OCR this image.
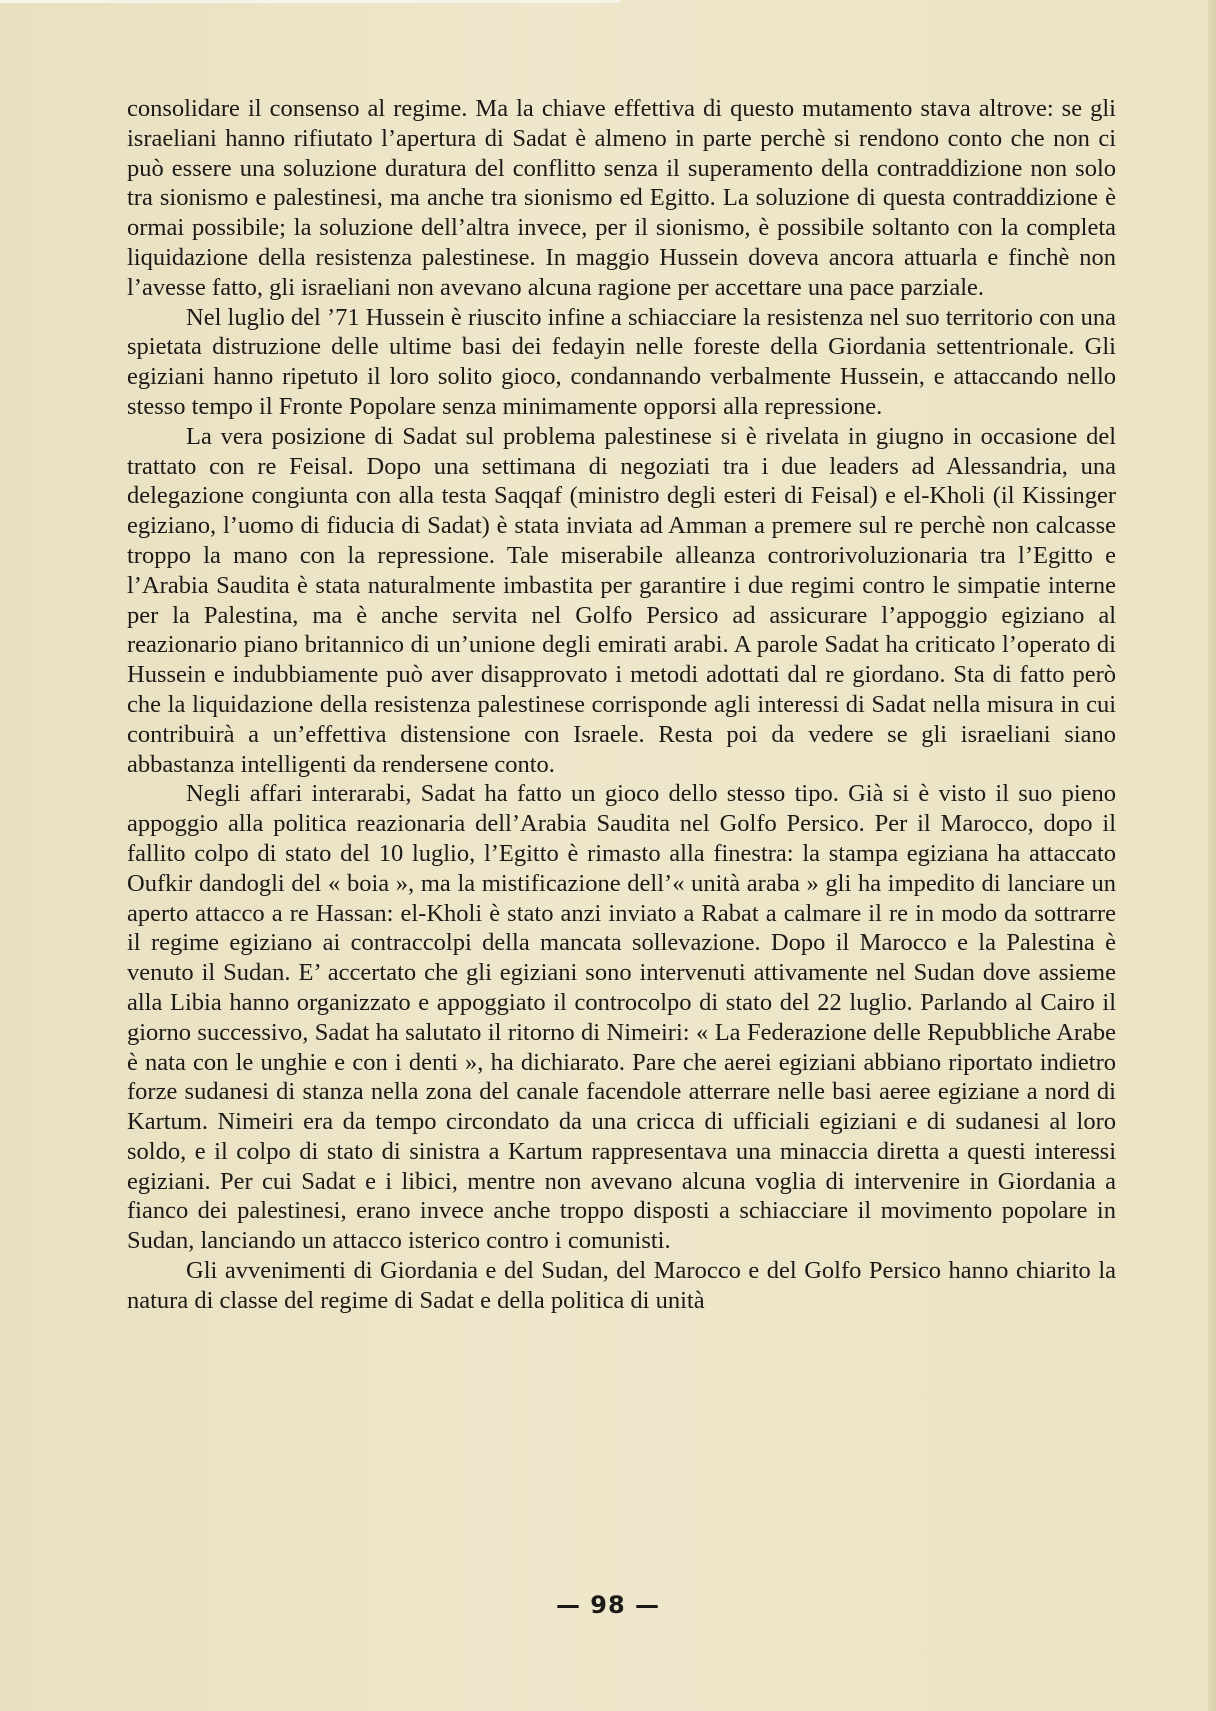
consolidare il consenso al regime. Ma la chiave effettiva di questo mutamento stava altrove: se gli israeliani hanno rifiutato l’apertura di Sadat è almeno in parte perchè si rendono conto che non ci può essere una soluzione duratura del conflitto senza il superamento della contraddizione non solo tra sionismo e palestinesi, ma anche tra sionismo ed Egitto. La soluzione di questa contraddizione è ormai possibile; la soluzione dell’altra invece, per il sionismo, è possibile soltanto con la completa liquidazione della resistenza palestinese. In maggio Hussein doveva ancora attuarla e finchè non l’avesse fatto, gli israeliani non avevano alcuna ragione per accettare una pace parziale.

Nel luglio del ’71 Hussein è riuscito infine a schiacciare la resistenza nel suo territorio con una spietata distruzione delle ultime basi dei fedayin nelle foreste della Giordania settentrionale. Gli egiziani hanno ripetuto il loro solito gioco, condannando verbalmente Hussein, e attaccando nello stesso tempo il Fronte Popolare senza minimamente opporsi alla repressione.

La vera posizione di Sadat sul problema palestinese si è rivelata in giugno in occasione del trattato con re Feisal. Dopo una settimana di negoziati tra i due leaders ad Alessandria, una delegazione congiunta con alla testa Saqqaf (ministro degli esteri di Feisal) e el-Kholi (il Kissinger egiziano, l’uomo di fiducia di Sadat) è stata inviata ad Amman a premere sul re perchè non calcasse troppo la mano con la repressione. Tale miserabile alleanza controrivoluzionaria tra l’Egitto e l’Arabia Saudita è stata naturalmente imbastita per garantire i due regimi contro le simpatie interne per la Palestina, ma è anche servita nel Golfo Persico ad assicurare l’appoggio egiziano al reazionario piano britannico di un’unione degli emirati arabi. A parole Sadat ha criticato l’operato di Hussein e indubbiamente può aver disapprovato i metodi adottati dal re giordano. Sta di fatto però che la liquidazione della resistenza palestinese corrisponde agli interessi di Sadat nella misura in cui contribuirà a un’effettiva distensione con Israele. Resta poi da vedere se gli israeliani siano abbastanza intelligenti da rendersene conto.

Negli affari interarabi, Sadat ha fatto un gioco dello stesso tipo. Già si è visto il suo pieno appoggio alla politica reazionaria dell’Arabia Saudita nel Golfo Persico. Per il Marocco, dopo il fallito colpo di stato del 10 luglio, l’Egitto è rimasto alla finestra: la stampa egiziana ha attaccato Oufkir dandogli del « boia », ma la mistificazione dell’« unità araba » gli ha impedito di lanciare un aperto attacco a re Hassan: el-Kholi è stato anzi inviato a Rabat a calmare il re in modo da sottrarre il regime egiziano ai contraccolpi della mancata sollevazione. Dopo il Marocco e la Palestina è venuto il Sudan. E’ accertato che gli egiziani sono intervenuti attivamente nel Sudan dove assieme alla Libia hanno organizzato e appoggiato il controcolpo di stato del 22 luglio. Parlando al Cairo il giorno successivo, Sadat ha salutato il ritorno di Nimeiri: « La Federazione delle Repubbliche Arabe è nata con le unghie e con i denti », ha dichiarato. Pare che aerei egiziani abbiano riportato indietro forze sudanesi di stanza nella zona del canale facendole atterrare nelle basi aeree egiziane a nord di Kartum. Nimeiri era da tempo circondato da una cricca di ufficiali egiziani e di sudanesi al loro soldo, e il colpo di stato di sinistra a Kartum rappresentava una minaccia diretta a questi interessi egiziani. Per cui Sadat e i libici, mentre non avevano alcuna voglia di intervenire in Giordania a fianco dei palestinesi, erano invece anche troppo disposti a schiacciare il movimento popolare in Sudan, lanciando un attacco isterico contro i comunisti.

Gli avvenimenti di Giordania e del Sudan, del Marocco e del Golfo Persico hanno chiarito la natura di classe del regime di Sadat e della politica di unità

— 98 —
